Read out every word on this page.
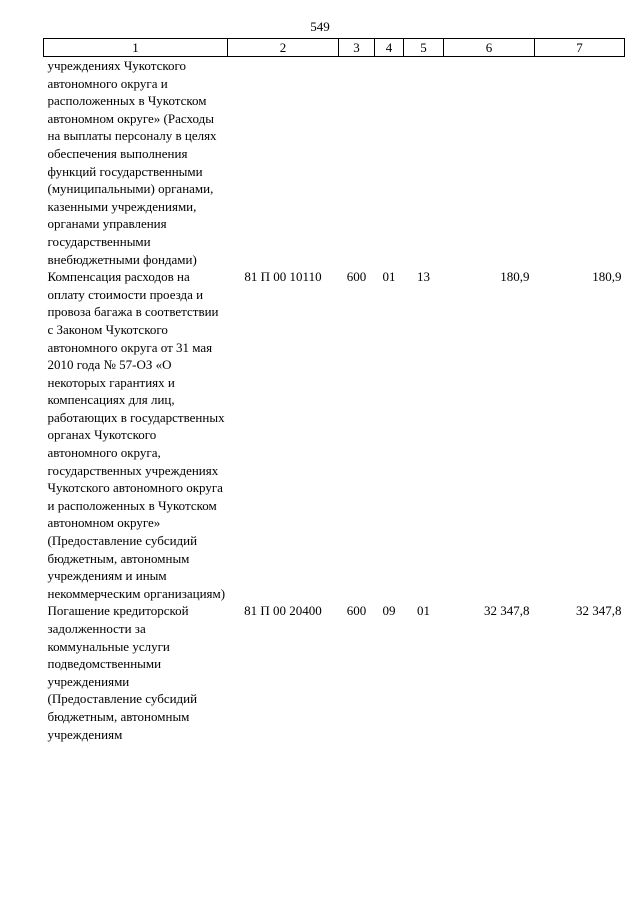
549
1	2	3	4	5	6	7
учреждениях Чукотского автономного округа и расположенных в Чукотском автономном округе» (Расходы на выплаты персоналу в целях обеспечения выполнения функций государственными (муниципальными) органами, казенными учреждениями, органами управления государственными внебюджетными фондами)						
Компенсация расходов на оплату стоимости проезда и провоза багажа в соответствии с Законом Чукотского автономного округа от 31 мая 2010 года № 57-ОЗ «О некоторых гарантиях и компенсациях для лиц, работающих в государственных органах Чукотского автономного округа, государственных учреждениях Чукотского автономного округа и расположенных в Чукотском автономном округе» (Предоставление субсидий бюджетным, автономным учреждениям и иным некоммерческим организациям)	81 П 00 10110	600	01	13	180,9	180,9
Погашение кредиторской задолженности за коммунальные услуги подведомственными учреждениями (Предоставление субсидий бюджетным, автономным учреждениям	81 П 00 20400	600	09	01	32 347,8	32 347,8
